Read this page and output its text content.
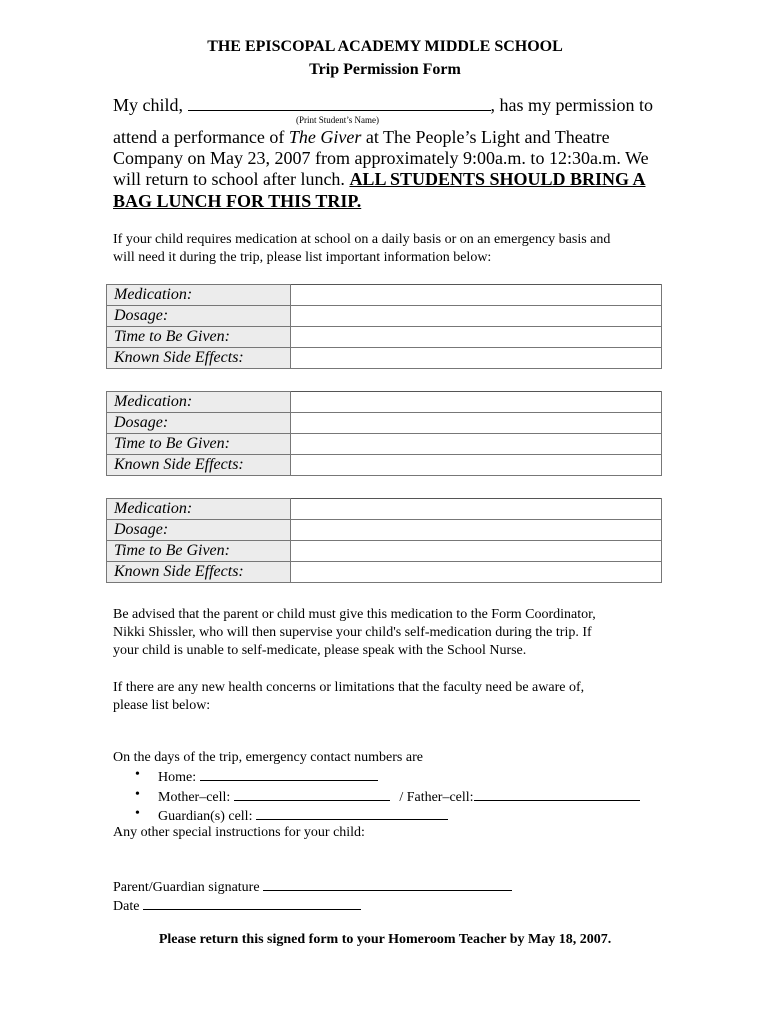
THE EPISCOPAL ACADEMY MIDDLE SCHOOL
Trip Permission Form
My child,	, has my permission to
(Print Student’s Name)
attend a performance of The Giver at The People’s Light and Theatre
Company on May 23, 2007 from approximately 9:00a.m. to 12:30a.m. We
will return to school after lunch. ALL STUDENTS SHOULD BRING A
BAG LUNCH FOR THIS TRIP.
If your child requires medication at school on a daily basis or on an emergency basis and
will need it during the trip, please list important information below:
Medication:	
Dosage:	
Time to Be Given:	
Known Side Effects:	
Medication:	
Dosage:	
Time to Be Given:	
Known Side Effects:	
Medication:	
Dosage:	
Time to Be Given:	
Known Side Effects:	
Be advised that the parent or child must give this medication to the Form Coordinator,
Nikki Shissler, who will then supervise your child's self-medication during the trip. If
your child is unable to self-medicate, please speak with the School Nurse.
If there are any new health concerns or limitations that the faculty need be aware of,
please list below:
On the days of the trip, emergency contact numbers are
• Home:
• Mother–cell:	/ Father–cell:
• Guardian(s) cell:
Any other special instructions for your child:
Parent/Guardian signature
Date
Please return this signed form to your Homeroom Teacher by May 18, 2007.
